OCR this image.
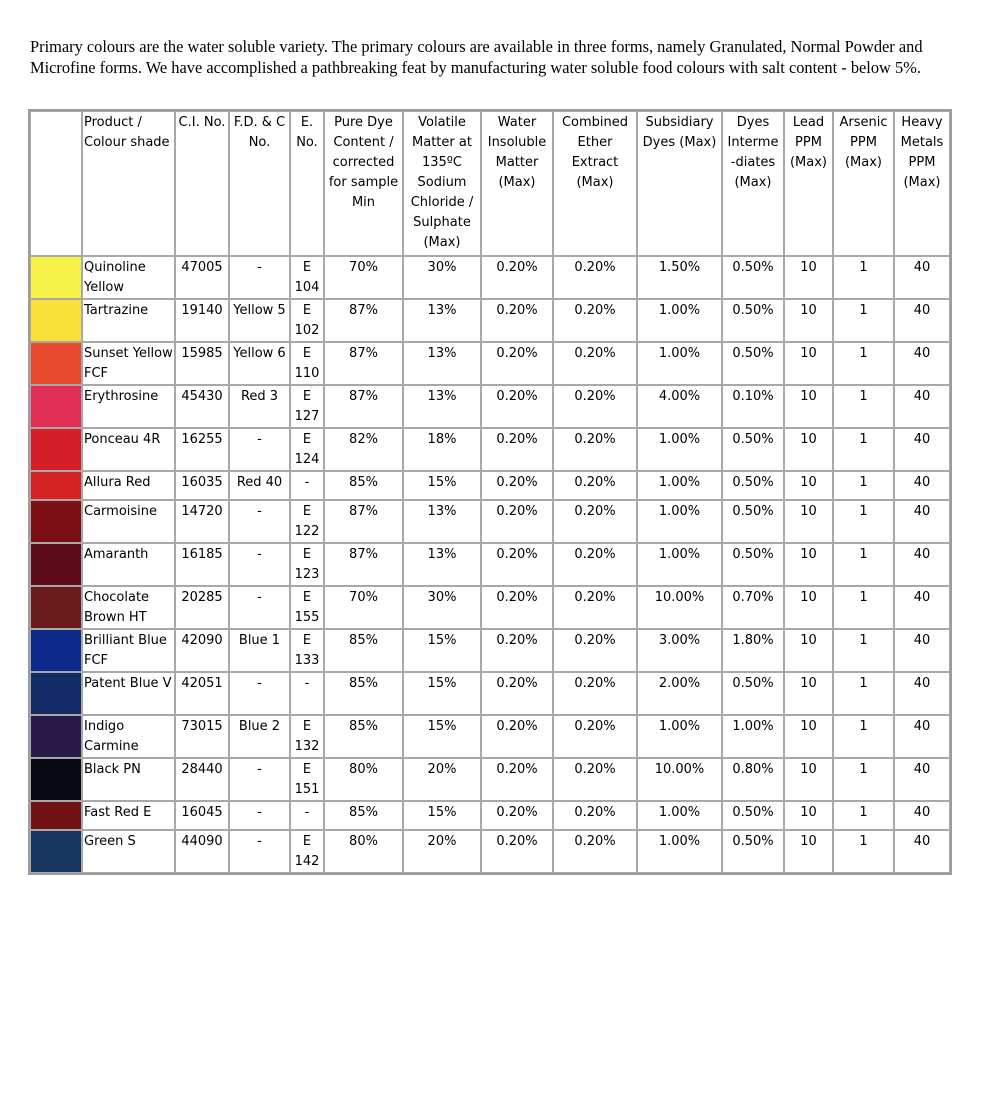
Primary colours are the water soluble variety. The primary colours are available in three forms, namely Granulated, Normal Powder and Microfine forms. We have accomplished a pathbreaking feat by manufacturing water soluble food colours with salt content - below 5%.

	Product / Colour shade	C.I. No.	F.D. & C No.	E. No.	Pure Dye Content / corrected for sample Min	Volatile Matter at 135ºC Sodium Chloride / Sulphate (Max)	Water Insoluble Matter (Max)	Combined Ether Extract (Max)	Subsidiary Dyes (Max)	Dyes Interme -diates (Max)	Lead PPM (Max)	Arsenic PPM (Max)	Heavy Metals PPM (Max)

	Quinoline Yellow	47005	-	E 104	70%	30%	0.20%	0.20%	1.50%	0.50%	10	1	40

	Tartrazine	19140	Yellow 5	E 102	87%	13%	0.20%	0.20%	1.00%	0.50%	10	1	40

	Sunset Yellow FCF	15985	Yellow 6	E 110	87%	13%	0.20%	0.20%	1.00%	0.50%	10	1	40

	Erythrosine	45430	Red 3	E 127	87%	13%	0.20%	0.20%	4.00%	0.10%	10	1	40

	Ponceau 4R	16255	-	E 124	82%	18%	0.20%	0.20%	1.00%	0.50%	10	1	40

	Allura Red	16035	Red 40	-	85%	15%	0.20%	0.20%	1.00%	0.50%	10	1	40

	Carmoisine	14720	-	E 122	87%	13%	0.20%	0.20%	1.00%	0.50%	10	1	40

	Amaranth	16185	-	E 123	87%	13%	0.20%	0.20%	1.00%	0.50%	10	1	40

	Chocolate Brown HT	20285	-	E 155	70%	30%	0.20%	0.20%	10.00%	0.70%	10	1	40

	Brilliant Blue FCF	42090	Blue 1	E 133	85%	15%	0.20%	0.20%	3.00%	1.80%	10	1	40

	Patent Blue V	42051	-	-	85%	15%	0.20%	0.20%	2.00%	0.50%	10	1	40

	Indigo Carmine	73015	Blue 2	E 132	85%	15%	0.20%	0.20%	1.00%	1.00%	10	1	40

	Black PN	28440	-	E 151	80%	20%	0.20%	0.20%	10.00%	0.80%	10	1	40

	Fast Red E	16045	-	-	85%	15%	0.20%	0.20%	1.00%	0.50%	10	1	40

	Green S	44090	-	E 142	80%	20%	0.20%	0.20%	1.00%	0.50%	10	1	40
